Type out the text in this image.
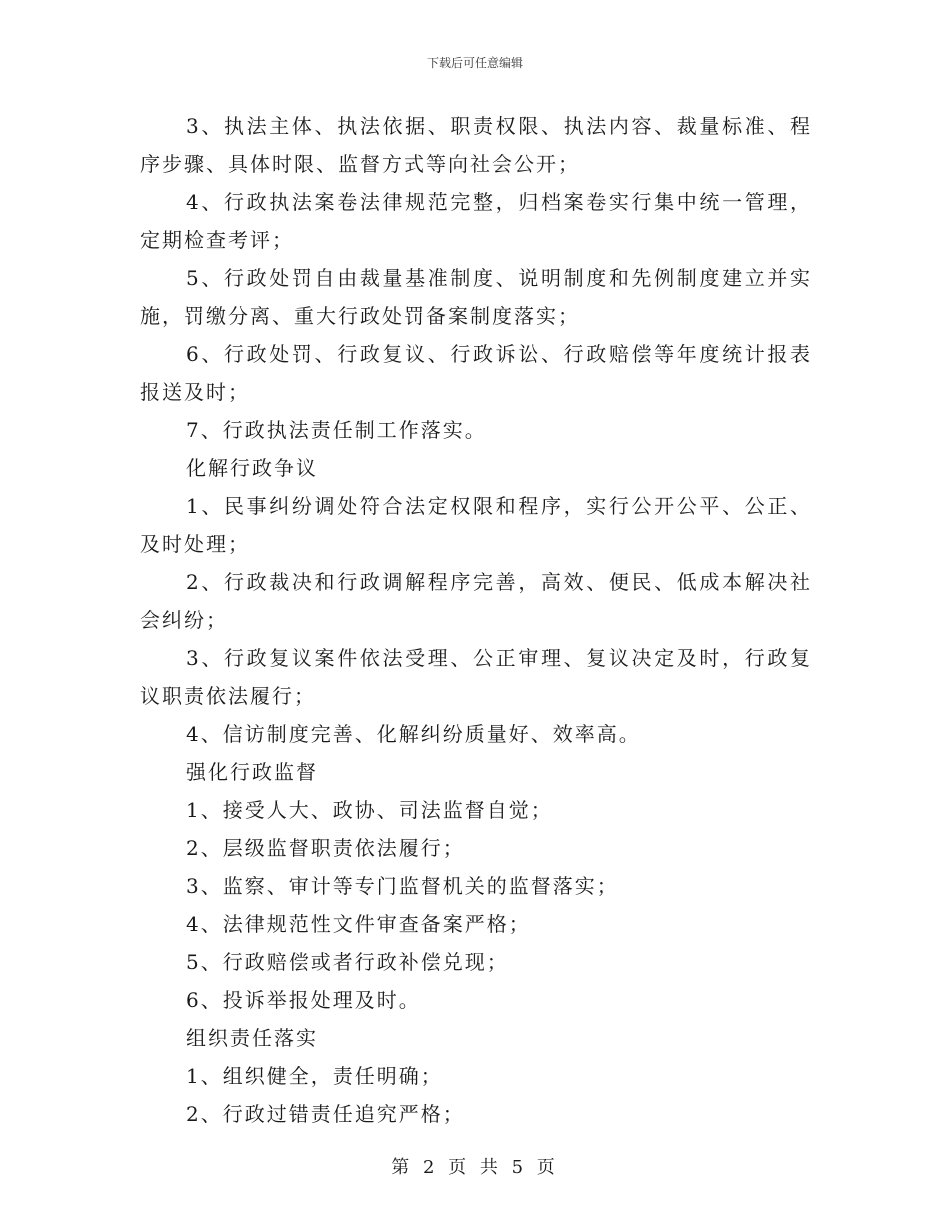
下载后可任意编辑

3、执法主体、执法依据、职责权限、执法内容、裁量标准、程序步骤、具体时限、监督方式等向社会公开；

4、行政执法案卷法律规范完整，归档案卷实行集中统一管理，定期检查考评；

5、行政处罚自由裁量基准制度、说明制度和先例制度建立并实施，罚缴分离、重大行政处罚备案制度落实；

6、行政处罚、行政复议、行政诉讼、行政赔偿等年度统计报表报送及时；

7、行政执法责任制工作落实。

化解行政争议

1、民事纠纷调处符合法定权限和程序，实行公开公平、公正、及时处理；

2、行政裁决和行政调解程序完善，高效、便民、低成本解决社会纠纷；

3、行政复议案件依法受理、公正审理、复议决定及时，行政复议职责依法履行；

4、信访制度完善、化解纠纷质量好、效率高。

强化行政监督

1、接受人大、政协、司法监督自觉；

2、层级监督职责依法履行；

3、监察、审计等专门监督机关的监督落实；

4、法律规范性文件审查备案严格；

5、行政赔偿或者行政补偿兑现；

6、投诉举报处理及时。

组织责任落实

1、组织健全，责任明确；

2、行政过错责任追究严格；

第 2 页 共 5 页
